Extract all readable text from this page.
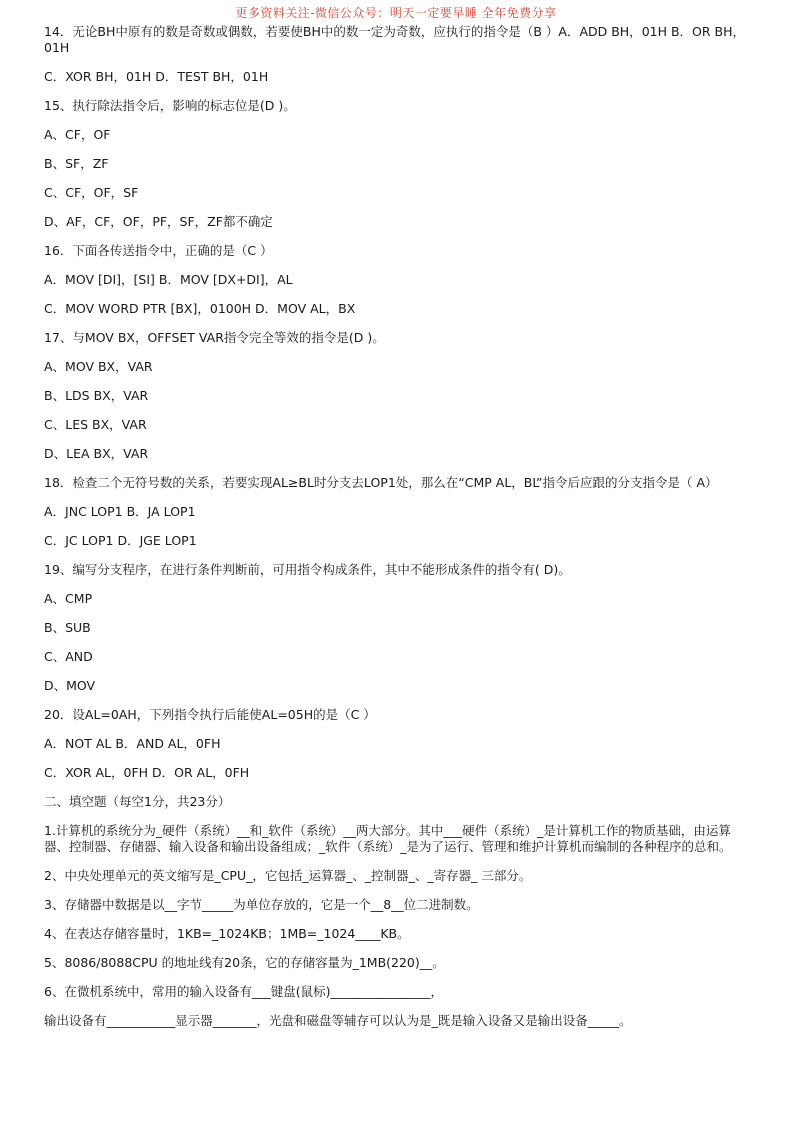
更多资料关注-微信公众号：明天一定要早睡 全年免费分享

14．无论BH中原有的数是奇数或偶数，若要使BH中的数一定为奇数，应执行的指令是（B ）A．ADD BH，01H B．OR BH，01H

C．XOR BH，01H D．TEST BH，01H

15、执行除法指令后，影响的标志位是(D )。

A、CF，OF

B、SF，ZF

C、CF，OF，SF

D、AF，CF，OF，PF，SF，ZF都不确定

16．下面各传送指令中，正确的是（C ）

A．MOV [DI]，[SI] B．MOV [DX+DI]，AL

C．MOV WORD PTR [BX]，0100H D．MOV AL，BX

17、与MOV BX，OFFSET VAR指令完全等效的指令是(D )。

A、MOV BX，VAR

B、LDS BX，VAR

C、LES BX，VAR

D、LEA BX，VAR

18．检查二个无符号数的关系，若要实现AL≥BL时分支去LOP1处，那么在“CMP AL，BL”指令后应跟的分支指令是（ A）

A．JNC LOP1 B．JA LOP1

C．JC LOP1 D．JGE LOP1

19、编写分支程序，在进行条件判断前，可用指令构成条件，其中不能形成条件的指令有( D)。

A、CMP

B、SUB

C、AND

D、MOV

20．设AL=0AH，下列指令执行后能使AL=05H的是（C ）

A．NOT AL B．AND AL，0FH

C．XOR AL，0FH D．OR AL，0FH

二、填空题（每空1分，共23分）

1.计算机的系统分为_硬件（系统）__和_软件（系统）__两大部分。其中___硬件（系统）_是计算机工作的物质基础，由运算器、控制器、存储器、输入设备和输出设备组成；_软件（系统）_是为了运行、管理和维护计算机而编制的各种程序的总和。

2、中央处理单元的英文缩写是_CPU_，它包括_运算器_、_控制器_、_寄存器_ 三部分。

3、存储器中数据是以__字节_____为单位存放的，它是一个__8__位二进制数。

4、在表达存储容量时，1KB=_1024KB；1MB=_1024____KB。

5、8086/8088CPU 的地址线有20条，它的存储容量为_1MB(220)__。

6、在微机系统中，常用的输入设备有___键盘(鼠标)________________，

输出设备有___________显示器_______，光盘和磁盘等辅存可以认为是_既是输入设备又是输出设备_____。
